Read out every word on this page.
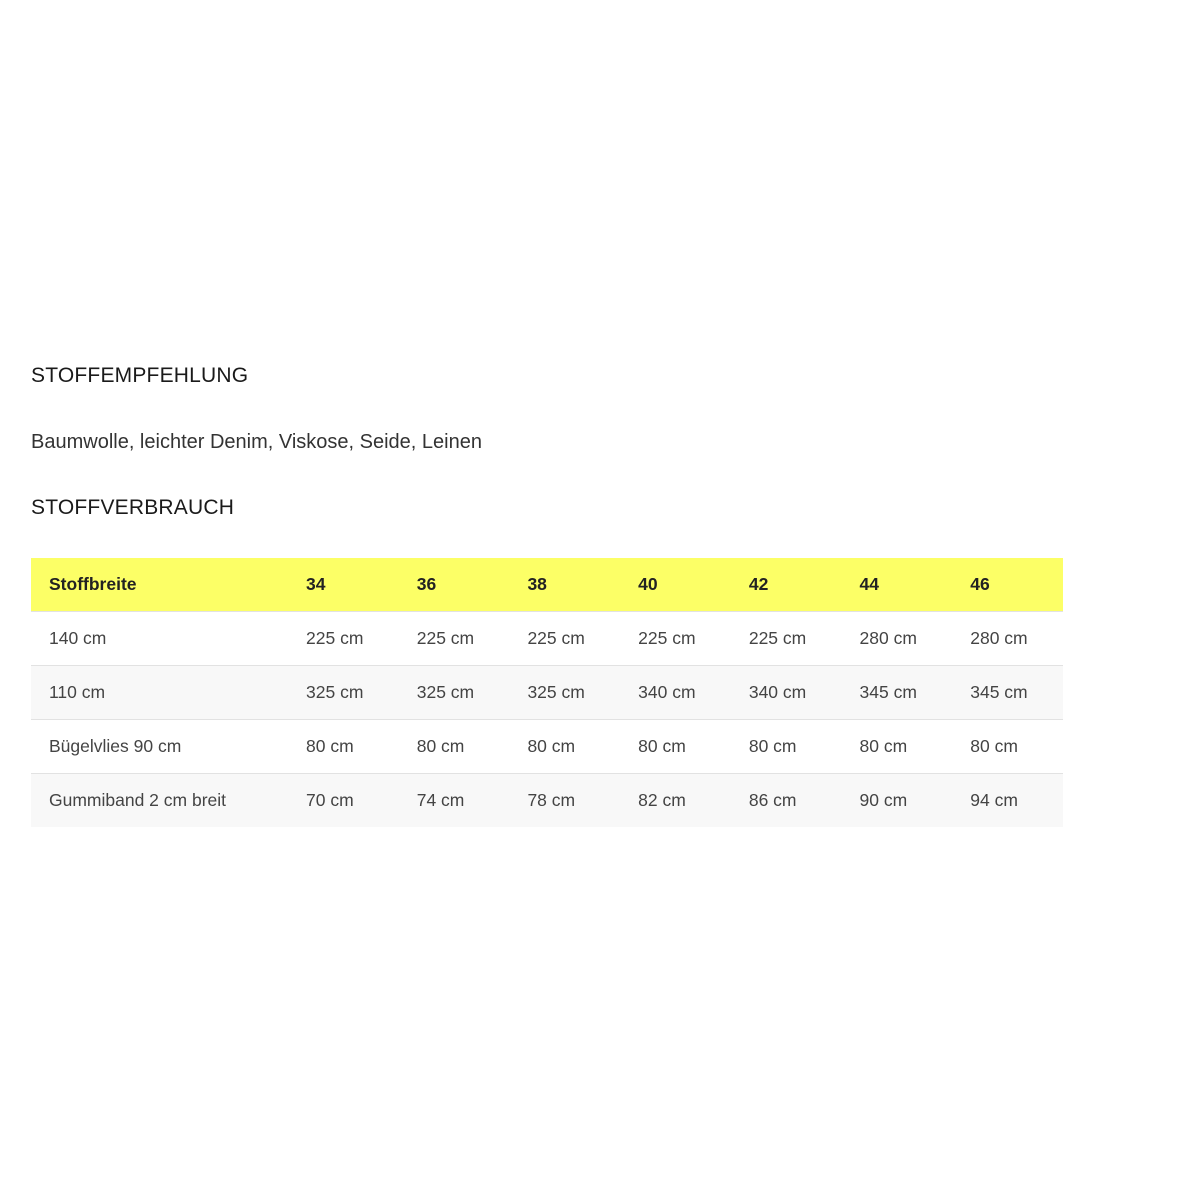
STOFFEMPFEHLUNG

Baumwolle, leichter Denim, Viskose, Seide, Leinen

STOFFVERBRAUCH
Stoffbreite	34	36	38	40	42	44	46
140 cm	225 cm	225 cm	225 cm	225 cm	225 cm	280 cm	280 cm
110 cm	325 cm	325 cm	325 cm	340 cm	340 cm	345 cm	345 cm
Bügelvlies 90 cm	80 cm	80 cm	80 cm	80 cm	80 cm	80 cm	80 cm
Gummiband 2 cm breit	70 cm	74 cm	78 cm	82 cm	86 cm	90 cm	94 cm
